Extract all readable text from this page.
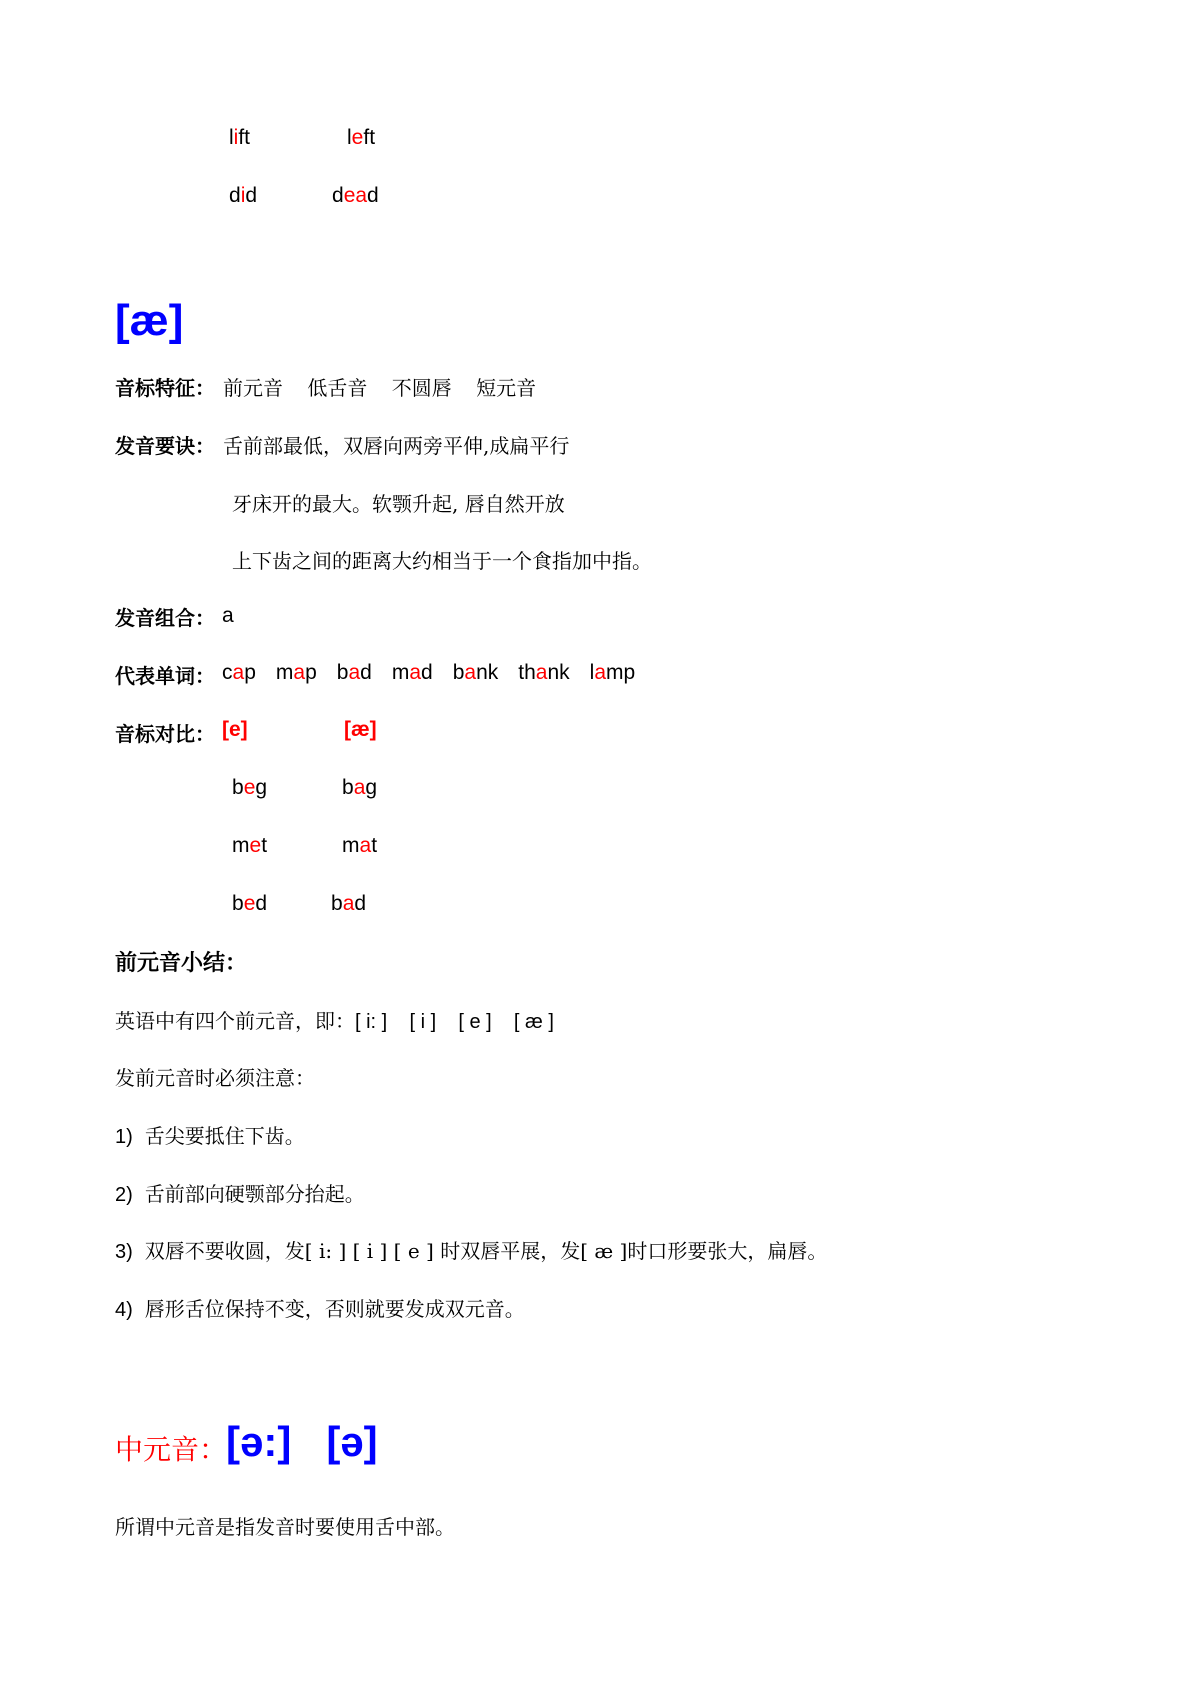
lift	left
did	dead
[æ]
音标特征： 前元音 低舌音 不圆唇 短元音
发音要诀： 舌前部最低，双唇向两旁平伸,成扁平行
牙床开的最大。软颚升起, 唇自然开放
上下齿之间的距离大约相当于一个食指加中指。
发音组合： a
代表单词： cap map bad mad bank thank lamp
音标对比： [e]	[æ]
beg	bag
met	mat
bed	bad
前元音小结：
英语中有四个前元音，即：[ i: ]    [ i ]    [ e ]    [ æ ]
发前元音时必须注意：
1) 舌尖要抵住下齿。
2) 舌前部向硬颚部分抬起。
3) 双唇不要收圆，发[ i: ] [ i ] [ e ] 时双唇平展，发[ æ ]时口形要张大，扁唇。
4) 唇形舌位保持不变，否则就要发成双元音。
中元音：
[ə:]   [ə]
所谓中元音是指发音时要使用舌中部。
